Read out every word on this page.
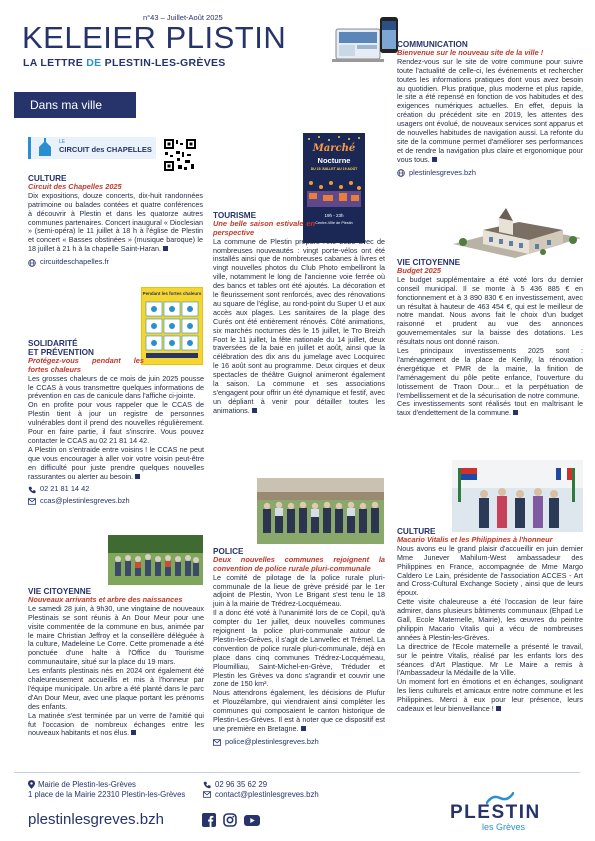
n°43 – Juillet-Août 2025
KELEIER PLISTIN
LA LETTRE DE PLESTIN-LES-GRÈVES
Dans ma ville
COMMUNICATION
Bienvenue sur le nouveau site de la ville !
Rendez-vous sur le site de votre commune pour suivre toute l'actualité de celle-ci, les événements et rechercher toutes les informations pratiques dont vous avez besoin au quotidien. Plus pratique, plus moderne et plus rapide, le site a été repensé en fonction de vos habitudes et des exigences numériques actuelles. En effet, depuis la création du précédent site en 2019, les attentes des usagers ont évolué, de nouveaux services sont apparus et de nouvelles habitudes de navigation aussi. La refonte du site de la commune permet d'améliorer ses performances et de rendre la navigation plus claire et ergonomique pour vous tous.
plestinlesgreves.bzh
LE
CIRCUIT des CHAPELLES
CULTURE
Circuit des Chapelles 2025
Dix expositions, douze concerts, dix-huit randonnées patrimoine ou balades contées et quatre conférences à découvrir à Plestin et dans les quatorze autres communes partenaires. Concert inaugural « Dioclesian » (semi-opéra) le 11 juillet à 18 h à l'église de Plestin et concert « Basses obstinées » (musique baroque) le 18 juillet à 21 h à la chapelle Saint-Haran.
circuitdeschapelles.fr
Pendant les fortes chaleurs
SOLIDARITÉ
ET PRÉVENTION
Protégez-vous pendant les fortes chaleurs
Les grosses chaleurs de ce mois de juin 2025 pousse le CCAS à vous transmettre quelques informations de prévention en cas de canicule dans l'affiche ci-jointe.
On en profite pour vous rappeler que le CCAS de Plestin tient à jour un registre de personnes vulnérables dont il prend des nouvelles régulièrement. Pour en faire partie, il faut s'inscrire. Vous pouvez contacter le CCAS au 02 21 81 14 42.
A Plestin on s'entraide entre voisins ! le CCAS ne peut que vous encourager à aller voir votre voisin peut-être en difficulté pour juste prendre quelques nouvelles rassurantes ou alerter au besoin.
02 21 81 14 42
ccas@plestinlesgreves.bzh
VIE CITOYENNE
Nouveaux arrivants et arbre des naissances
Le samedi 28 juin, à 9h30, une vingtaine de nouveaux Plestinais se sont réunis à An Dour Meur pour une visite commentée de la commune en bus, animée par le maire Christian Jeffroy et la conseillère déléguée à la culture, Madeleine Le Corre. Cette promenade a été ponctuée d'une halte à l'Office du Tourisme communautaire, situé sur la place du 19 mars.
Les enfants plestinais nés en 2024 ont également été chaleureusement accueillis et mis à l'honneur par l'équipe municipale. Un arbre a été planté dans le parc d'An Dour Meur, avec une plaque portant les prénoms des enfants.
La matinée s'est terminée par un verre de l'amitié qui fut l'occasion de nombreux échanges entre les nouveaux habitants et nos élus.
Marché
Nocturne
DU 15 JUILLET AU 19 AOÛT
19h - 23h
Centre-Ville de Plestin
TOURISME
Une belle saison estivale en perspective
La commune de Plestin prépare l'été 2025 avec de nombreuses nouveautés : vingt porte-vélos ont été installés ainsi que de nombreuses cabanes à livres et vingt nouvelles photos du Club Photo embelliront la ville, notamment le long de l'ancienne voie ferrée où des bancs et tables ont été ajoutés. La décoration et le fleurissement sont renforcés, avec des rénovations au square de l'église, au rond-point du Super U et aux accès aux plages. Les sanitaires de la plage des Curés ont été entièrement rénovés. Côté animations, six marchés nocturnes dès le 15 juillet, le Tro Breizh Foot le 11 juillet, la fête nationale du 14 juillet, deux traversées de la baie en juillet et août, ainsi que la célébration des dix ans du jumelage avec Locquirec le 16 août sont au programme. Deux cirques et deux spectacles de théâtre Guignol animeront également la saison. La commune et ses associations s'engagent pour offrir un été dynamique et festif, avec un dépliant à venir pour détailler toutes les animations.
POLICE
Deux nouvelles communes rejoignent la convention de police rurale pluri-communale
Le comité de pilotage de la police rurale pluri-communale de la lieue de grève présidé par le 1er adjoint de Plestin, Yvon Le Brigant s'est tenu le 18 juin à la mairie de Trédrez-Locquémeau.
Il a donc été voté à l'unanimité lors de ce Copil, qu'à compter du 1er juillet, deux nouvelles communes rejoignent la police pluri-communale autour de Plestin-les-Grèves, il s'agit de Lanvellec et Trémel. La convention de police rurale pluri-communale, déjà en place dans cinq communes Trédrez-Locquémeau, Ploumilliau, Saint-Michel-en-Grève, Tréduder et Plestin les Grèves va donc s'agrandir et couvrir une zone de 150 km².
Nous attendrons également, les décisions de Plufur et Plouzélambre, qui viendraient ainsi compléter les communes qui composaient le canton historique de Plestin-Les-Grèves. Il est à noter que ce dispositif est une première en Bretagne.
police@plestinlesgreves.bzh
VIE CITOYENNE
Budget 2025
Le budget supplémentaire a été voté lors du dernier conseil municipal. Il se monte à 5 436 885 € en fonctionnement et à 3 890 830 € en investissement, avec un résultat à hauteur de 463 454 €, qui est le meilleur de notre mandat. Nous avons fait le choix d'un budget raisonné et prudent au vue des annonces gouvernementales sur la baisse des dotations. Les résultats nous ont donné raison.
Les principaux investissements 2025 sont : l'aménagement de la place de Kerilly, la rénovation énergétique et PMR de la mairie, la finition de l'aménagement du pôle petite enfance, l'ouverture du lotissement de Traon Dour... et la perpétuation de l'embellissement et de la sécurisation de notre commune.
Ces investissements sont réalisés tout en maîtrisant le taux d'endettement de la commune.
CULTURE
Macario Vitalis et les Philippines à l'honneur
Nous avons eu le grand plaisir d'accueillir en juin dernier Mme Junever Mahilum-West ambassadeur des Philippines en France, accompagnée de Mme Margo Caldero Le Lain, présidente de l'association ACCES - Art and Cross-Cultural Exchange Society , ainsi que de leurs époux.
Cette visite chaleureuse a été l'occasion de leur faire admirer, dans plusieurs bâtiments communaux (Ehpad Le Gall, Ecole Maternelle, Mairie), les œuvres du peintre philippin Macario Vitalis qui a vécu de nombreuses années à Plestin-les-Grèves.
La directrice de l'Ecole maternelle a présenté le travail, sur le peintre Vitalis, réalisé par les enfants lors des séances d'Art Plastique. Mr Le Maire a remis à l'Ambassadeur la Médaille de la Ville.
Un moment fort en émotions et en échanges, soulignant les liens culturels et amicaux entre notre commune et les Philippines. Merci à eux pour leur présence, leurs cadeaux et leur bienveillance !
Mairie de Plestin-les-Grèves
1 place de la Mairie 22310 Plestin-les-Grèves
02 96 35 62 29
contact@plestinlesgreves.bzh
plestinlesgreves.bzh	PLESTIN
les Grèves
